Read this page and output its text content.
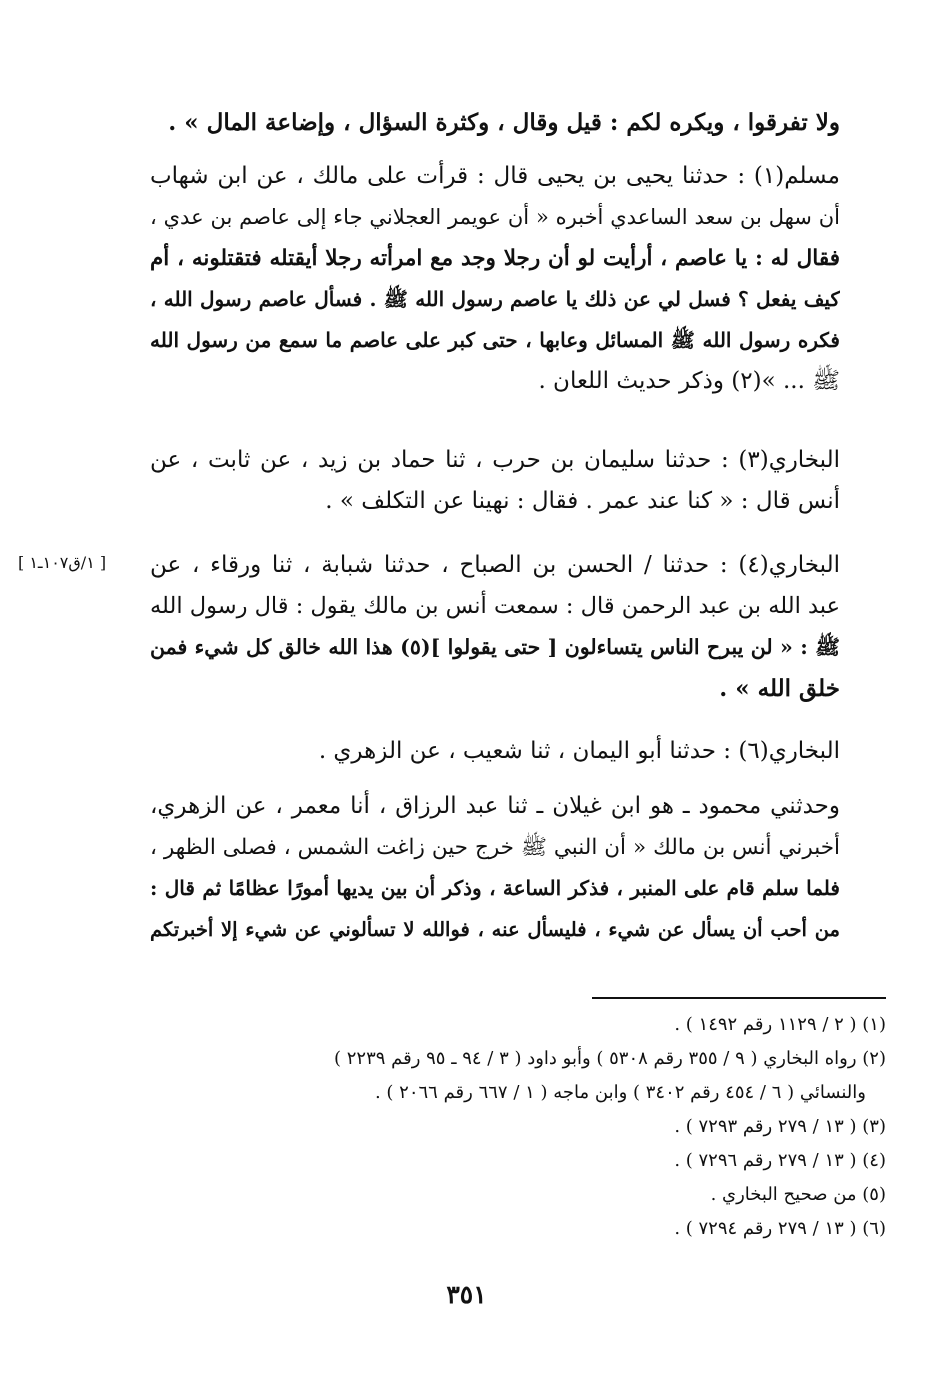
ولا تفرقوا ، ويكره لكم : قيل وقال ، وكثرة السؤال ، وإضاعة المال » .
مسلم(١) : حدثنا يحيى بن يحيى قال : قرأت على مالك ، عن ابن شهاب
أن سهل بن سعد الساعدي أخبره « أن عويمر العجلاني جاء إلى عاصم بن عدي ،
فقال له : يا عاصم ، أرأيت لو أن رجلا وجد مع امرأته رجلا أيقتله فتقتلونه ، أم
كيف يفعل ؟ فسل لي عن ذلك يا عاصم رسول الله ﷺ . فسأل عاصم رسول الله ،
فكره رسول الله ﷺ المسائل وعابها ، حتى كبر على عاصم ما سمع من رسول الله
ﷺ ... »(٢) وذكر حديث اللعان .
البخاري(٣) : حدثنا سليمان بن حرب ، ثنا حماد بن زيد ، عن ثابت ، عن
أنس قال : « كنا عند عمر . فقال : نهينا عن التكلف » .
البخاري(٤) : حدثنا / الحسن بن الصباح ، حدثنا شبابة ، ثنا ورقاء ، عن
عبد الله بن عبد الرحمن قال : سمعت أنس بن مالك يقول : قال رسول الله
ﷺ : « لن يبرح الناس يتساءلون [ حتى يقولوا ](٥) هذا الله خالق كل شيء فمن
خلق الله » .
[ ١/ق١٠٧ـ١ ]
البخاري(٦) : حدثنا أبو اليمان ، ثنا شعيب ، عن الزهري .
وحدثني محمود ـ هو ابن غيلان ـ ثنا عبد الرزاق ، أنا معمر ، عن الزهري،
أخبرني أنس بن مالك « أن النبي ﷺ خرج حين زاغت الشمس ، فصلى الظهر ،
فلما سلم قام على المنبر ، فذكر الساعة ، وذكر أن بين يديها أمورًا عظامًا ثم قال :
من أحب أن يسأل عن شيء ، فليسأل عنه ، فوالله لا تسألوني عن شيء إلا أخبرتكم
(١) ( ٢ / ١١٢٩ رقم ١٤٩٢ ) .
(٢) رواه البخاري ( ٩ / ٣٥٥ رقم ٥٣٠٨ ) وأبو داود ( ٣ / ٩٤ ـ ٩٥ رقم ٢٢٣٩ )
والنسائي ( ٦ / ٤٥٤ رقم ٣٤٠٢ ) وابن ماجه ( ١ / ٦٦٧ رقم ٢٠٦٦ ) .
(٣) ( ١٣ / ٢٧٩ رقم ٧٢٩٣ ) .
(٤) ( ١٣ / ٢٧٩ رقم ٧٢٩٦ ) .
(٥) من صحيح البخاري .
(٦) ( ١٣ / ٢٧٩ رقم ٧٢٩٤ ) .
٣٥١
